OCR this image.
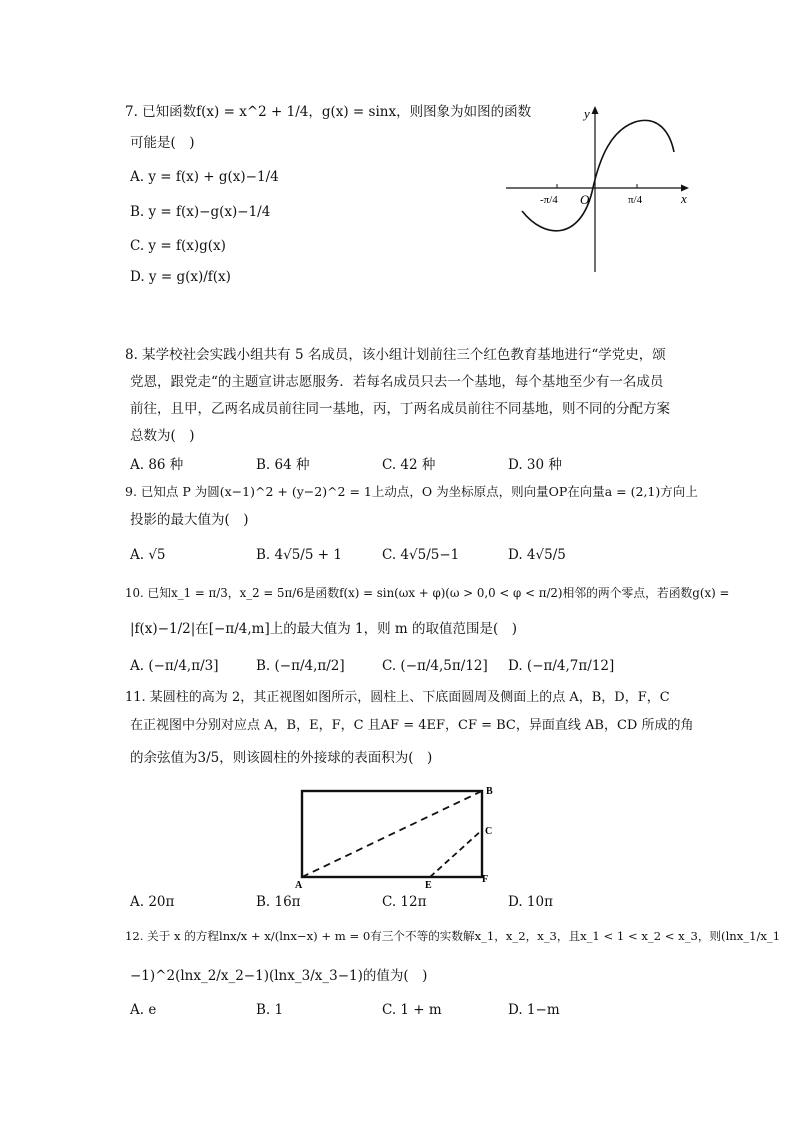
7. 已知函数f(x) = x^2 + 1/4，g(x) = sinx，则图象为如图的函数
可能是(　)
A. y = f(x) + g(x)−1/4
B. y = f(x)−g(x)−1/4
C. y = f(x)g(x)
D. y = g(x)/f(x)
y
x
O
-π/4	π/4
8. 某学校社会实践小组共有 5 名成员，该小组计划前往三个红色教育基地进行“学党史，颂
党恩，跟党走“的主题宣讲志愿服务．若每名成员只去一个基地，每个基地至少有一名成员
前往，且甲，乙两名成员前往同一基地，丙，丁两名成员前往不同基地，则不同的分配方案
总数为(　)
A. 86 种	B. 64 种	C. 42 种	D. 30 种
9. 已知点 P 为圆(x−1)^2 + (y−2)^2 = 1上动点，O 为坐标原点，则向量OP在向量a = (2,1)方向上
投影的最大值为(　)
A. √5	B. 4√5/5 + 1	C. 4√5/5−1	D. 4√5/5
10. 已知x_1 = π/3，x_2 = 5π/6是函数f(x) = sin(ωx + φ)(ω > 0,0 < φ < π/2)相邻的两个零点，若函数g(x) =
|f(x)−1/2|在[−π/4,m]上的最大值为 1，则 m 的取值范围是(　)
A. (−π/4,π/3]	B. (−π/4,π/2]	C. (−π/4,5π/12] D. (−π/4,7π/12]
11. 某圆柱的高为 2，其正视图如图所示，圆柱上、下底面圆周及侧面上的点 A，B，D，F，C
在正视图中分别对应点 A，B，E，F，C 且AF = 4EF，CF = BC，异面直线 AB，CD 所成的角
的余弦值为3/5，则该圆柱的外接球的表面积为(　)
A
B
C
E
F
A. 20π	B. 16π	C. 12π	D. 10π
12. 关于 x 的方程lnx/x + x/(lnx−x) + m = 0有三个不等的实数解x_1，x_2，x_3，且x_1 < 1 < x_2 < x_3，则(lnx_1/x_1
−1)^2(lnx_2/x_2−1)(lnx_3/x_3−1)的值为(　)
A. e	B. 1	C. 1 + m	D. 1−m
